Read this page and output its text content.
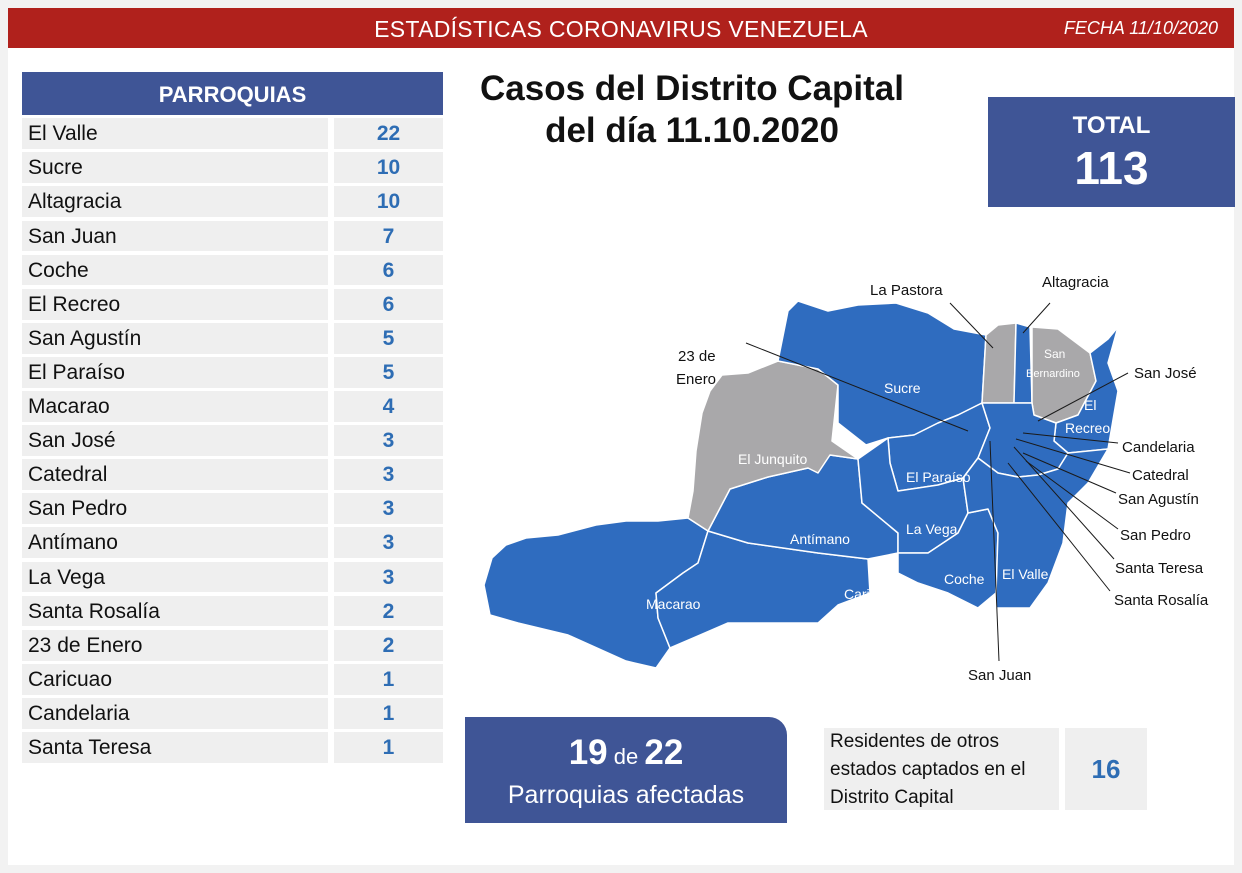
ESTADÍSTICAS CORONAVIRUS VENEZUELA	FECHA 11/10/2020
PARROQUIAS
El Valle	22
Sucre	10
Altagracia	10
San Juan	7
Coche	6
El Recreo	6
San Agustín	5
El Paraíso	5
Macarao	4
San José	3
Catedral	3
San Pedro	3
Antímano	3
La Vega	3
Santa Rosalía	2
23 de Enero	2
Caricuao	1
Candelaria	1
Santa Teresa	1
Casos del Distrito Capital
del día 11.10.2020	TOTAL
113
La Pastora	Altagracia
23 de
Enero	San José
Candelaria
Catedral
San Agustín
San Pedro
Santa Teresa
Santa Rosalía
San Juan
Sucre
El Junquito
El Paraíso
La Vega
Antímano
Caricuao
Macarao
Coche El Valle
El
Recreo
San
Bernardino
19 de 22
Parroquias afectadas
Residentes de otros
estados captados en el
Distrito Capital
16
